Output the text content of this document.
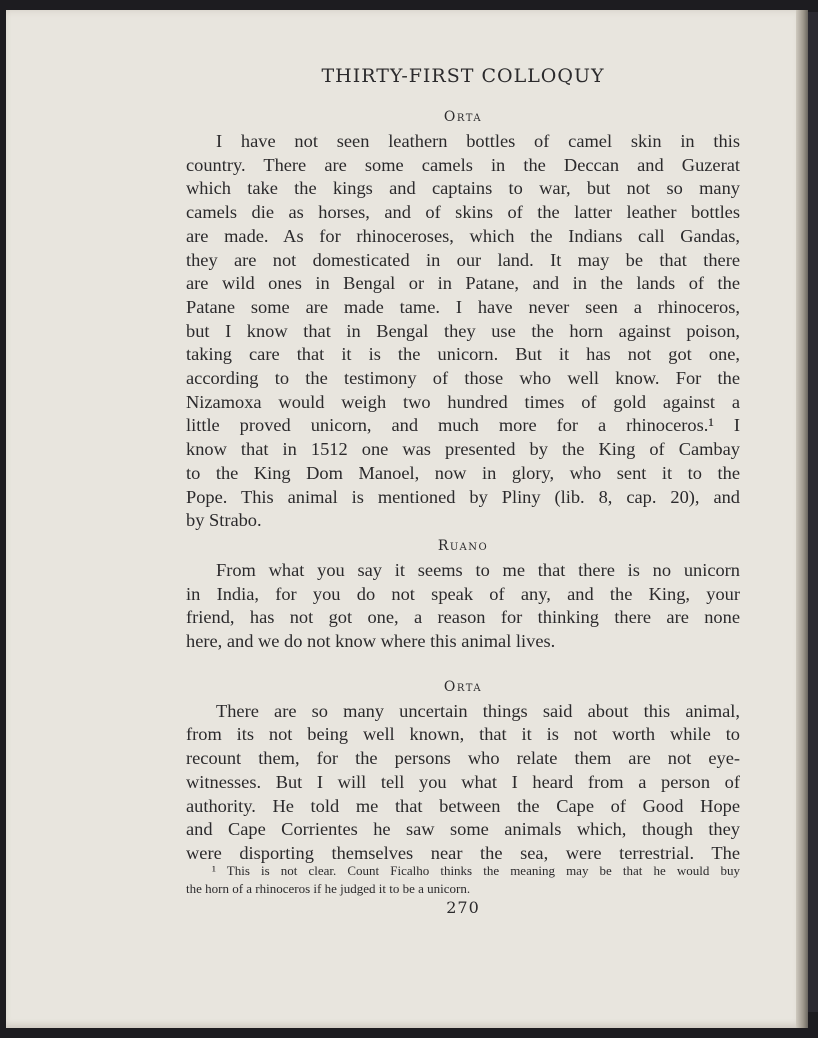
THIRTY-FIRST COLLOQUY
Orta
I have not seen leathern bottles of camel skin in this
country. There are some camels in the Deccan and Guzerat
which take the kings and captains to war, but not so many
camels die as horses, and of skins of the latter leather bottles
are made. As for rhinoceroses, which the Indians call Gandas,
they are not domesticated in our land. It may be that there
are wild ones in Bengal or in Patane, and in the lands of the
Patane some are made tame. I have never seen a rhinoceros,
but I know that in Bengal they use the horn against poison,
taking care that it is the unicorn. But it has not got one,
according to the testimony of those who well know. For the
Nizamoxa would weigh two hundred times of gold against a
little proved unicorn, and much more for a rhinoceros.¹ I
know that in 1512 one was presented by the King of Cambay
to the King Dom Manoel, now in glory, who sent it to the
Pope. This animal is mentioned by Pliny (lib. 8, cap. 20), and
by Strabo.
Ruano
From what you say it seems to me that there is no unicorn
in India, for you do not speak of any, and the King, your
friend, has not got one, a reason for thinking there are none
here, and we do not know where this animal lives.
Orta
There are so many uncertain things said about this animal,
from its not being well known, that it is not worth while to
recount them, for the persons who relate them are not eye-
witnesses. But I will tell you what I heard from a person of
authority. He told me that between the Cape of Good Hope
and Cape Corrientes he saw some animals which, though they
were disporting themselves near the sea, were terrestrial. The
¹ This is not clear. Count Ficalho thinks the meaning may be that he would buy
the horn of a rhinoceros if he judged it to be a unicorn.
270
